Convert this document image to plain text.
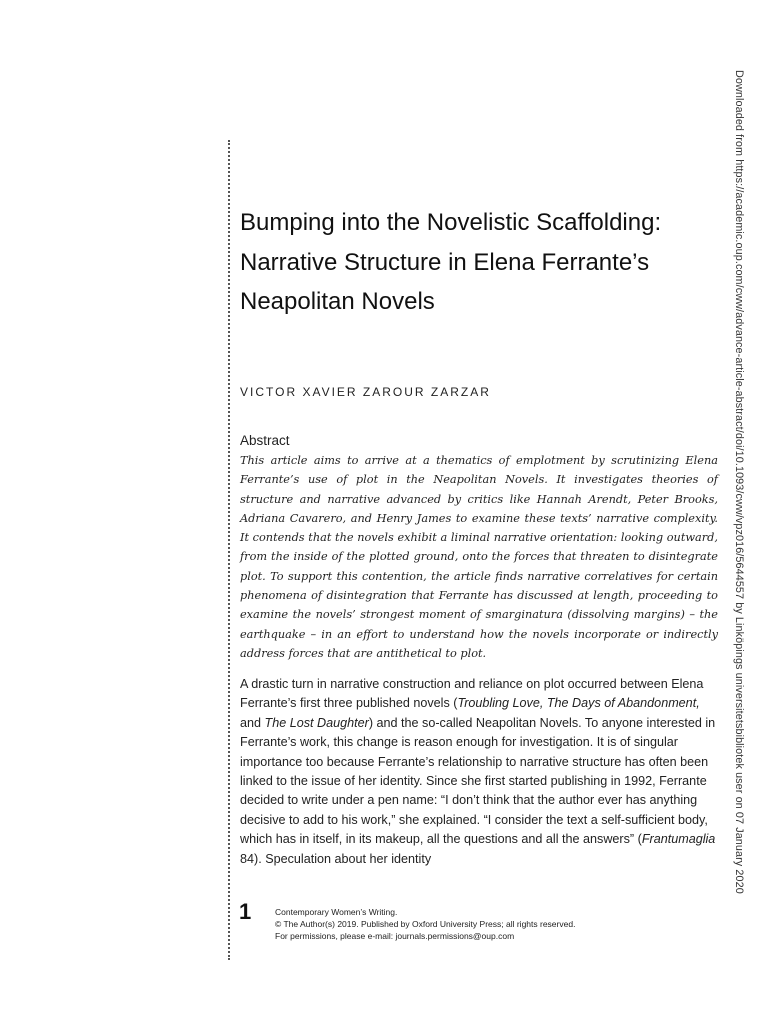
Bumping into the Novelistic Scaffolding:
Narrative Structure in Elena Ferrante’s
Neapolitan Novels

VICTOR XAVIER ZAROUR ZARZAR

Abstract

This article aims to arrive at a thematics of emplotment by scrutinizing Elena Ferrante’s use of plot in the Neapolitan Novels. It investigates theories of structure and narrative advanced by critics like Hannah Arendt, Peter Brooks, Adriana Cavarero, and Henry James to examine these texts’ narrative complexity. It contends that the novels exhibit a liminal narrative orientation: looking outward, from the inside of the plotted ground, onto the forces that threaten to disintegrate plot. To support this contention, the article finds narrative correlatives for certain phenomena of disintegration that Ferrante has discussed at length, proceeding to examine the novels’ strongest moment of smarginatura (dissolving margins) – the earthquake – in an effort to understand how the novels incorporate or indirectly address forces that are antithetical to plot.

A drastic turn in narrative construction and reliance on plot occurred between Elena Ferrante’s first three published novels (Troubling Love, The Days of Abandonment, and The Lost Daughter) and the so-called Neapolitan Novels. To anyone interested in Ferrante’s work, this change is reason enough for investigation. It is of singular importance too because Ferrante’s relationship to narrative structure has often been linked to the issue of her identity. Since she first started publishing in 1992, Ferrante decided to write under a pen name: “I don’t think that the author ever has anything decisive to add to his work,” she explained. “I consider the text a self-sufficient body, which has in itself, in its makeup, all the questions and all the answers” (Frantumaglia 84). Speculation about her identity

1	Contemporary Women’s Writing.
© The Author(s) 2019. Published by Oxford University Press; all rights reserved.
For permissions, please e-mail: journals.permissions@oup.com
Downloaded from https://academic.oup.com/cww/advance-article-abstract/doi/10.1093/cww/vpz016/5644557 by Linköpings universitetsbibliotek user on 07 January 2020
